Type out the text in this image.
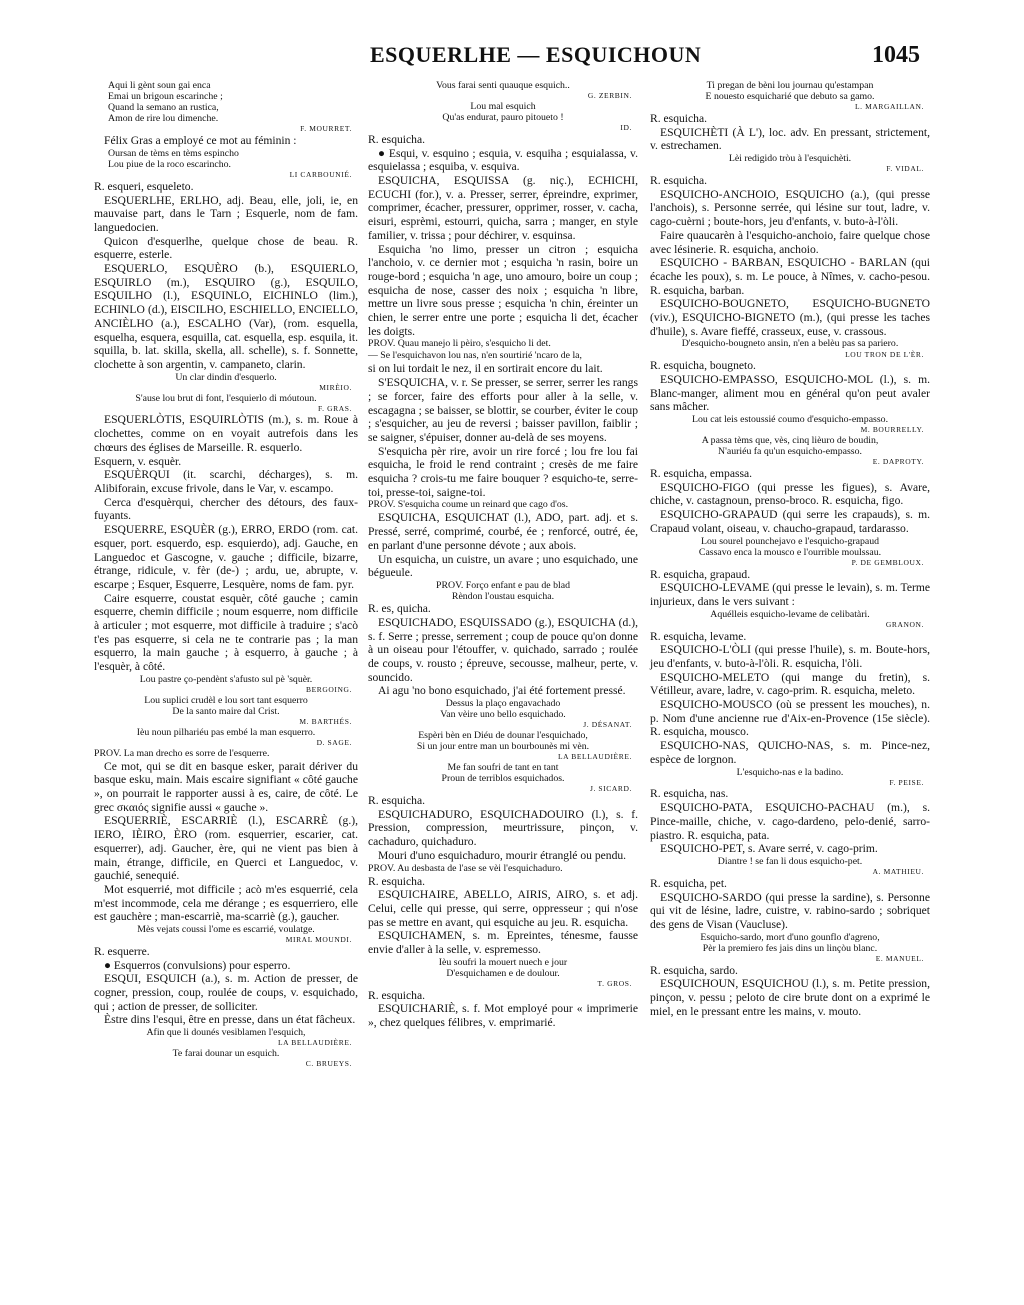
ESQUERLHE — ESQUICHOUN	1045

Aqui li gènt soun gai enca

Emai un brigoun escarinche ;

Quand la semano an rustica,

Amon de rire lou dimenche.

F. MOURRET.

Félix Gras a employé ce mot au féminin :

Oursan de tèms en tèms espincho

Lou piue de la roco escarincho.

LI CARBOUNIÉ.

R. esqueri, esqueleto.

ESQUERLHE, ERLHO, adj. Beau, elle, joli, ie, en mauvaise part, dans le Tarn ; Esquerle, nom de fam. languedocien.

Quicon d'esquerlhe, quelque chose de beau. R. esquerre, esterle.

ESQUERLO, ESQUÈRO (b.), ESQUIERLO, ESQUIRLO (m.), ESQUIRO (g.), ESQUILO, ESQUILHO (l.), ESQUINLO, EICHINLO (lim.), ECHINLO (d.), EISCILHO, ESCHIELLO, ENCIELLO, ANCIÈLHO (a.), ESCALHO (Var), (rom. esquella, esquelha, esquera, esquilla, cat. esquella, esp. esquila, it. squilla, b. lat. skilla, skella, all. schelle), s. f. Sonnette, clochette à son argentin, v. campaneto, clarin.

Un clar dindin d'esquerlo.

MIRÈIO.

S'ause lou brut di font, l'esquierlo di móutoun.

F. GRAS.

ESQUERLÒTIS, ESQUIRLÒTIS (m.), s. m. Roue à clochettes, comme on en voyait autrefois dans les chœurs des églises de Marseille. R. esquerlo.

Esquern, v. esquèr.

ESQUÈRQUI (it. scarchi, décharges), s. m. Alibiforain, excuse frivole, dans le Var, v. escampo.

Cerca d'esquèrqui, chercher des détours, des faux-fuyants.

ESQUERRE, ESQUÈR (g.), ERRO, ERDO (rom. cat. esquer, port. esquerdo, esp. esquierdo), adj. Gauche, en Languedoc et Gascogne, v. gauche ; difficile, bizarre, étrange, ridicule, v. fèr (de-) ; ardu, ue, abrupte, v. escarpe ; Esquer, Esquerre, Lesquère, noms de fam. pyr.

Caire esquerre, coustat esquèr, côté gauche ; camin esquerre, chemin difficile ; noum esquerre, nom difficile à articuler ; mot esquerre, mot difficile à traduire ; s'acò t'es pas esquerre, si cela ne te contrarie pas ; la man esquerro, la main gauche ; à esquerro, à gauche ; à l'esquèr, à côté.

Lou pastre ço-pendènt s'afusto sul pè 'squèr.

BERGOING.

Lou suplici crudèl e lou sort tant esquerro

De la santo maire dal Crist.

M. BARTHÉS.

Ièu noun pilhariéu pas embé la man esquerro.

D. SAGE.

PROV. La man drecho es sorre de l'esquerre.

Ce mot, qui se dit en basque esker, parait dériver du basque esku, main. Mais escaire signifiant « côté gauche », on pourrait le rapporter aussi à es, caire, de côté. Le grec σκαιός signifie aussi « gauche ».

ESQUERRIÈ, ESCARRIÈ (l.), ESCARRÈ (g.), IERO, IÈIRO, ÈRO (rom. esquerrier, escarier, cat. esquerrer), adj. Gaucher, ère, qui ne vient pas bien à main, étrange, difficile, en Querci et Languedoc, v. gauchié, senequié.

Mot esquerrié, mot difficile ; acò m'es esquerrié, cela m'est incommode, cela me dérange ; es esquerriero, elle est gauchère ; man-escarriè, ma-scarriè (g.), gaucher.

Mès vejats coussi l'ome es escarrié, voulatge.

MIRAL MOUNDI.

R. esquerre.

● Esquerros (convulsions) pour esperro.

ESQUI, ESQUICH (a.), s. m. Action de presser, de cogner, pression, coup, roulée de coups, v. esquichado, qui ; action de presser, de solliciter.

Èstre dins l'esqui, être en presse, dans un état fâcheux.

Afin que li dounés vesiblamen l'esquich,

LA BELLAUDIÈRE.

Te farai dounar un esquich.

C. BRUEYS.

Vous farai senti quauque esquich..

G. ZERBIN.

Lou mal esquich

Qu'as endurat, pauro pitoueto !

ID.

R. esquicha.

● Esqui, v. esquino ; esquia, v. esquiha ; esquialassa, v. esquielassa ; esquiba, v. esquiva.

ESQUICHA, ESQUISSA (g. niç.), ECHICHI, ECUCHI (for.), v. a. Presser, serrer, épreindre, exprimer, comprimer, écacher, pressurer, opprimer, rosser, v. cacha, eisuri, esprèmi, estourri, quicha, sarra ; manger, en style familier, v. trissa ; pour déchirer, v. esquinsa.

Esquicha 'no limo, presser un citron ; esquicha l'anchoio, v. ce dernier mot ; esquicha 'n rasin, boire un rouge-bord ; esquicha 'n age, uno amouro, boire un coup ; esquicha de nose, casser des noix ; esquicha 'n libre, mettre un livre sous presse ; esquicha 'n chin, éreinter un chien, le serrer entre une porte ; esquicha li det, écacher les doigts.

PROV. Quau manejo li pèiro, s'esquicho li det.

— Se l'esquichavon lou nas, n'en sourtirié 'ncaro de la,

si on lui tordait le nez, il en sortirait encore du lait.

S'ESQUICHA, v. r. Se presser, se serrer, serrer les rangs ; se forcer, faire des efforts pour aller à la selle, v. escagagna ; se baisser, se blottir, se courber, éviter le coup ; s'esquicher, au jeu de reversi ; baisser pavillon, faiblir ; se saigner, s'épuiser, donner au-delà de ses moyens.

S'esquicha pèr rire, avoir un rire forcé ; lou fre lou fai esquicha, le froid le rend contraint ; cresès de me faire esquicha ? crois-tu me faire bouquer ? esquicho-te, serre-toi, presse-toi, saigne-toi.

PROV. S'esquicha coume un reinard que cago d'os.

ESQUICHA, ESQUICHAT (l.), ADO, part. adj. et s. Pressé, serré, comprimé, courbé, ée ; renforcé, outré, ée, en parlant d'une personne dévote ; aux abois.

Un esquicha, un cuistre, un avare ; uno esquichado, une bégueule.

PROV. Forço enfant e pau de blad

Rèndon l'oustau esquicha.

R. es, quicha.

ESQUICHADO, ESQUISSADO (g.), ESQUICHA (d.), s. f. Serre ; presse, serrement ; coup de pouce qu'on donne à un oiseau pour l'étouffer, v. quichado, sarrado ; roulée de coups, v. rousto ; épreuve, secousse, malheur, perte, v. souncido.

Ai agu 'no bono esquichado, j'ai été fortement pressé.

Dessus la plaço engavachado

Van vèire uno bello esquichado.

J. DÉSANAT.

Espèri bèn en Diéu de dounar l'esquichado,

Si un jour entre man un bourbounès mi vèn.

LA BELLAUDIÈRE.

Me fan soufri de tant en tant

Proun de terriblos esquichados.

J. SICARD.

R. esquicha.

ESQUICHADURO, ESQUICHADOUIRO (l.), s. f. Pression, compression, meurtrissure, pinçon, v. cachaduro, quichaduro.

Mouri d'uno esquichaduro, mourir étranglé ou pendu.

PROV. Au desbasta de l'ase se vèi l'esquichaduro.

R. esquicha.

ESQUICHAIRE, ABELLO, AIRIS, AIRO, s. et adj. Celui, celle qui presse, qui serre, oppresseur ; qui n'ose pas se mettre en avant, qui esquiche au jeu. R. esquicha.

ESQUICHAMEN, s. m. Epreintes, ténesme, fausse envie d'aller à la selle, v. espremesso.

Ièu soufri la mouert nuech e jour

D'esquichamen e de doulour.

T. GROS.

R. esquicha.

ESQUICHARIÈ, s. f. Mot employé pour « imprimerie », chez quelques félibres, v. emprimarié.

Ti pregan de bèni lou journau qu'estampan

E nouesto esquicharié que debuto sa gamo.

L. MARGAILLAN.

R. esquicha.

ESQUICHÈTI (À L'), loc. adv. En pressant, strictement, v. estrechamen.

Lèi redigido tròu à l'esquichèti.

F. VIDAL.

R. esquicha.

ESQUICHO-ANCHOIO, ESQUICHO (a.), (qui presse l'anchois), s. Personne serrée, qui lésine sur tout, ladre, v. cago-cuèrni ; boute-hors, jeu d'enfants, v. buto-à-l'òli.

Faire quaucarèn à l'esquicho-anchoio, faire quelque chose avec lésinerie. R. esquicha, anchoio.

ESQUICHO - BARBAN, ESQUICHO - BARLAN (qui écache les poux), s. m. Le pouce, à Nîmes, v. cacho-pesou. R. esquicha, barban.

ESQUICHO-BOUGNETO, ESQUICHO-BUGNETO (viv.), ESQUICHO-BIGNETO (m.), (qui presse les taches d'huile), s. Avare fieffé, crasseux, euse, v. crassous.

D'esquicho-bougneto ansin, n'en a belèu pas sa pariero.

LOU TRON DE L'ÈR.

R. esquicha, bougneto.

ESQUICHO-EMPASSO, ESQUICHO-MOL (l.), s. m. Blanc-manger, aliment mou en général qu'on peut avaler sans mâcher.

Lou cat leis estoussié coumo d'esquicho-empasso.

M. BOURRELLY.

A passa tèms que, vès, cinq lièuro de boudin,

N'auriéu fa qu'un esquicho-empasso.

E. DAPROTY.

R. esquicha, empassa.

ESQUICHO-FIGO (qui presse les figues), s. Avare, chiche, v. castagnoun, prenso-broco. R. esquicha, figo.

ESQUICHO-GRAPAUD (qui serre les crapauds), s. m. Crapaud volant, oiseau, v. chaucho-grapaud, tardarasso.

Lou sourel pounchejavo e l'esquicho-grapaud

Cassavo enca la mousco e l'ourrible moulssau.

P. DE GEMBLOUX.

R. esquicha, grapaud.

ESQUICHO-LEVAME (qui presse le levain), s. m. Terme injurieux, dans le vers suivant :

Aquélleis esquicho-levame de celibatàri.

GRANON.

R. esquicha, levame.

ESQUICHO-L'ÒLI (qui presse l'huile), s. m. Boute-hors, jeu d'enfants, v. buto-à-l'òli. R. esquicha, l'òli.

ESQUICHO-MELETO (qui mange du fretin), s. Vétilleur, avare, ladre, v. cago-prim. R. esquicha, meleto.

ESQUICHO-MOUSCO (où se pressent les mouches), n. p. Nom d'une ancienne rue d'Aix-en-Provence (15e siècle). R. esquicha, mousco.

ESQUICHO-NAS, QUICHO-NAS, s. m. Pince-nez, espèce de lorgnon.

L'esquicho-nas e la badino.

F. PEISE.

R. esquicha, nas.

ESQUICHO-PATA, ESQUICHO-PACHAU (m.), s. Pince-maille, chiche, v. cago-dardeno, pelo-denié, sarro-piastro. R. esquicha, pata.

ESQUICHO-PET, s. Avare serré, v. cago-prim.

Diantre ! se fan li dous esquicho-pet.

A. MATHIEU.

R. esquicha, pet.

ESQUICHO-SARDO (qui presse la sardine), s. Personne qui vit de lésine, ladre, cuistre, v. rabino-sardo ; sobriquet des gens de Visan (Vaucluse).

Esquicho-sardo, mort d'uno gounflo d'agreno,

Pèr la premiero fes jais dins un linçòu blanc.

E. MANUEL.

R. esquicha, sardo.

ESQUICHOUN, ESQUICHOU (l.), s. m. Petite pression, pinçon, v. pessu ; peloto de cire brute dont on a exprimé le miel, en le pressant entre les mains, v. mouto.
